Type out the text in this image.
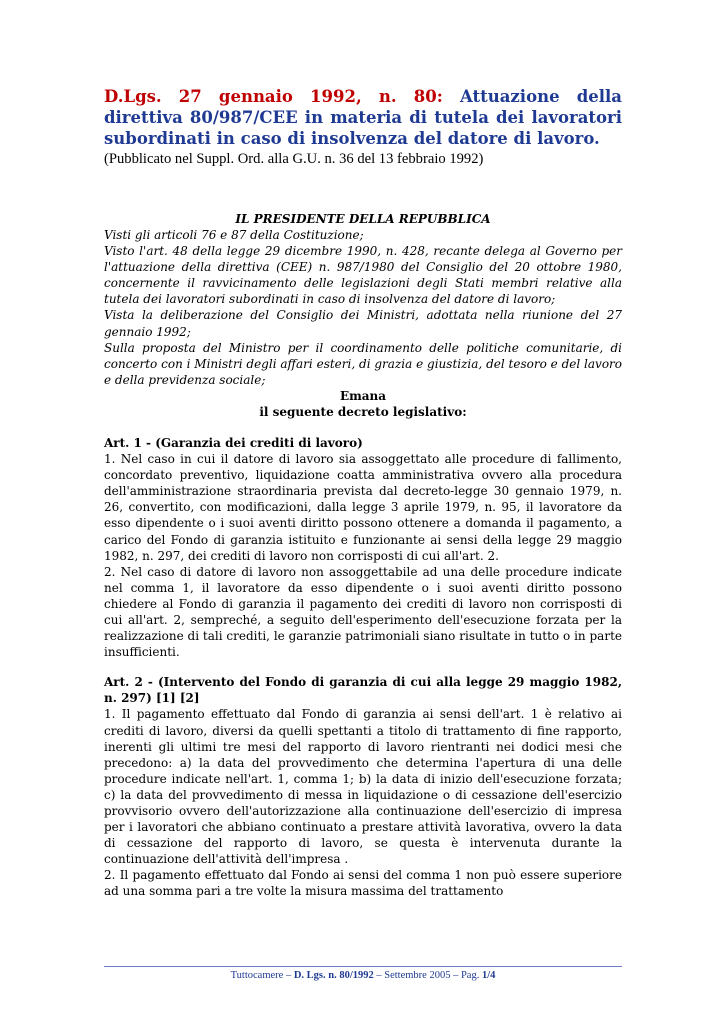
D.Lgs. 27 gennaio 1992, n. 80: Attuazione della direttiva 80/987/CEE in materia di tutela dei lavoratori subordinati in caso di insolvenza del datore di lavoro.

(Pubblicato nel Suppl. Ord. alla G.U. n. 36 del 13 febbraio 1992)

IL PRESIDENTE DELLA REPUBBLICA

Visti gli articoli 76 e 87 della Costituzione;

Visto l'art. 48 della legge 29 dicembre 1990, n. 428, recante delega al Governo per l'attuazione della direttiva (CEE) n. 987/1980 del Consiglio del 20 ottobre 1980, concernente il ravvicinamento delle legislazioni degli Stati membri relative alla tutela dei lavoratori subordinati in caso di insolvenza del datore di lavoro;

Vista la deliberazione del Consiglio dei Ministri, adottata nella riunione del 27 gennaio 1992;

Sulla proposta del Ministro per il coordinamento delle politiche comunitarie, di concerto con i Ministri degli affari esteri, di grazia e giustizia, del tesoro e del lavoro e della previdenza sociale;

Emana

il seguente decreto legislativo:

Art. 1 - (Garanzia dei crediti di lavoro)

1. Nel caso in cui il datore di lavoro sia assoggettato alle procedure di fallimento, concordato preventivo, liquidazione coatta amministrativa ovvero alla procedura dell'amministrazione straordinaria prevista dal decreto-legge 30 gennaio 1979, n. 26, convertito, con modificazioni, dalla legge 3 aprile 1979, n. 95, il lavoratore da esso dipendente o i suoi aventi diritto possono ottenere a domanda il pagamento, a carico del Fondo di garanzia istituito e funzionante ai sensi della legge 29 maggio 1982, n. 297, dei crediti di lavoro non corrisposti di cui all'art. 2.

2. Nel caso di datore di lavoro non assoggettabile ad una delle procedure indicate nel comma 1, il lavoratore da esso dipendente o i suoi aventi diritto possono chiedere al Fondo di garanzia il pagamento dei crediti di lavoro non corrisposti di cui all'art. 2, sempreché, a seguito dell'esperimento dell'esecuzione forzata per la realizzazione di tali crediti, le garanzie patrimoniali siano risultate in tutto o in parte insufficienti.

Art. 2 - (Intervento del Fondo di garanzia di cui alla legge 29 maggio 1982, n. 297) [1] [2]

1. Il pagamento effettuato dal Fondo di garanzia ai sensi dell'art. 1 è relativo ai crediti di lavoro, diversi da quelli spettanti a titolo di trattamento di fine rapporto, inerenti gli ultimi tre mesi del rapporto di lavoro rientranti nei dodici mesi che precedono: a) la data del provvedimento che determina l'apertura di una delle procedure indicate nell'art. 1, comma 1; b) la data di inizio dell'esecuzione forzata; c) la data del provvedimento di messa in liquidazione o di cessazione dell'esercizio provvisorio ovvero dell'autorizzazione alla continuazione dell'esercizio di impresa per i lavoratori che abbiano continuato a prestare attività lavorativa, ovvero la data di cessazione del rapporto di lavoro, se questa è intervenuta durante la continuazione dell'attività dell'impresa .

2. Il pagamento effettuato dal Fondo ai sensi del comma 1 non può essere superiore ad una somma pari a tre volte la misura massima del trattamento

Tuttocamere – D. Lgs. n. 80/1992 – Settembre 2005 – Pag. 1/4
